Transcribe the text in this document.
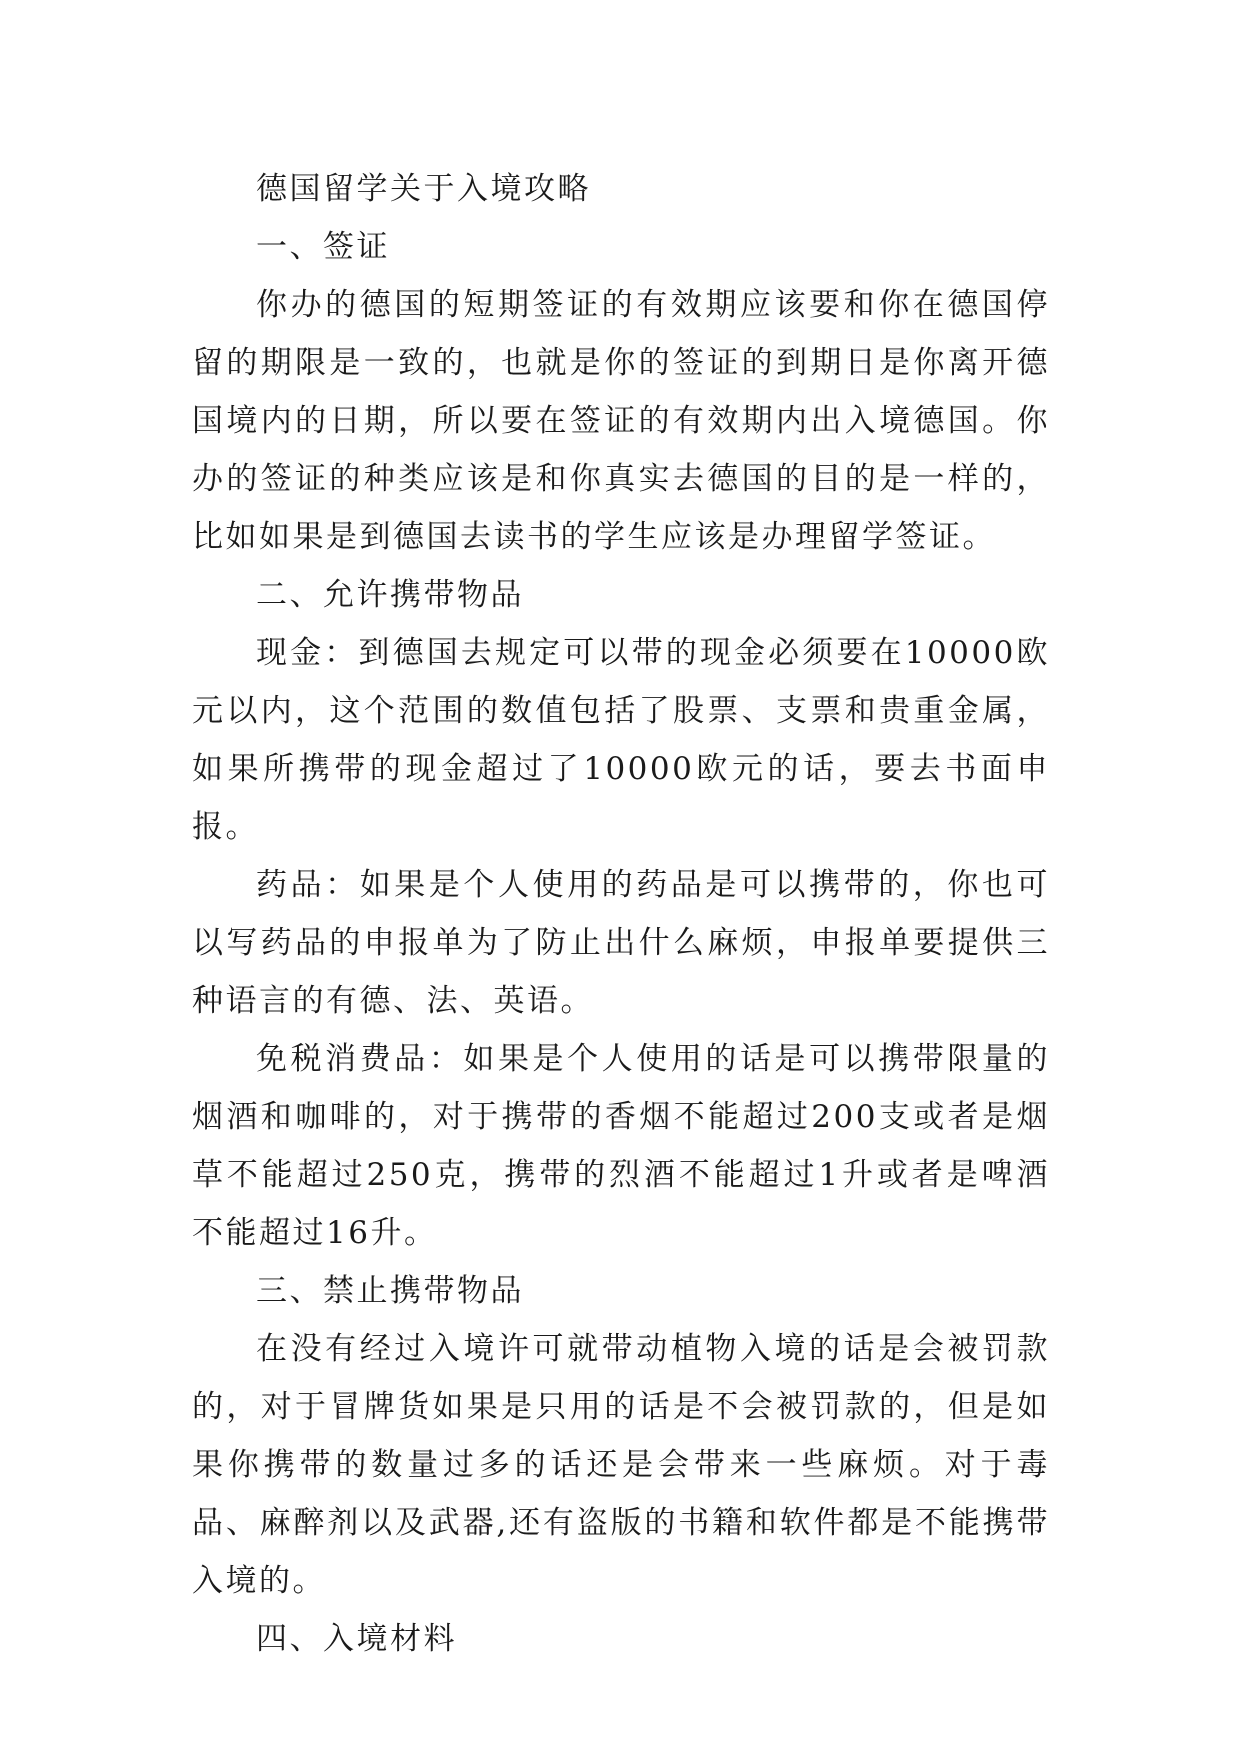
德国留学关于入境攻略

一、签证

你办的德国的短期签证的有效期应该要和你在德国停留的期限是一致的，也就是你的签证的到期日是你离开德国境内的日期，所以要在签证的有效期内出入境德国。你办的签证的种类应该是和你真实去德国的目的是一样的，比如如果是到德国去读书的学生应该是办理留学签证。

二、允许携带物品

现金：到德国去规定可以带的现金必须要在10000欧元以内，这个范围的数值包括了股票、支票和贵重金属，如果所携带的现金超过了10000欧元的话，要去书面申报。

药品：如果是个人使用的药品是可以携带的，你也可以写药品的申报单为了防止出什么麻烦，申报单要提供三种语言的有德、法、英语。

免税消费品：如果是个人使用的话是可以携带限量的烟酒和咖啡的，对于携带的香烟不能超过200支或者是烟草不能超过250克，携带的烈酒不能超过1升或者是啤酒不能超过16升。

三、禁止携带物品

在没有经过入境许可就带动植物入境的话是会被罚款的，对于冒牌货如果是只用的话是不会被罚款的，但是如果你携带的数量过多的话还是会带来一些麻烦。对于毒品、麻醉剂以及武器,还有盗版的书籍和软件都是不能携带入境的。

四、入境材料
